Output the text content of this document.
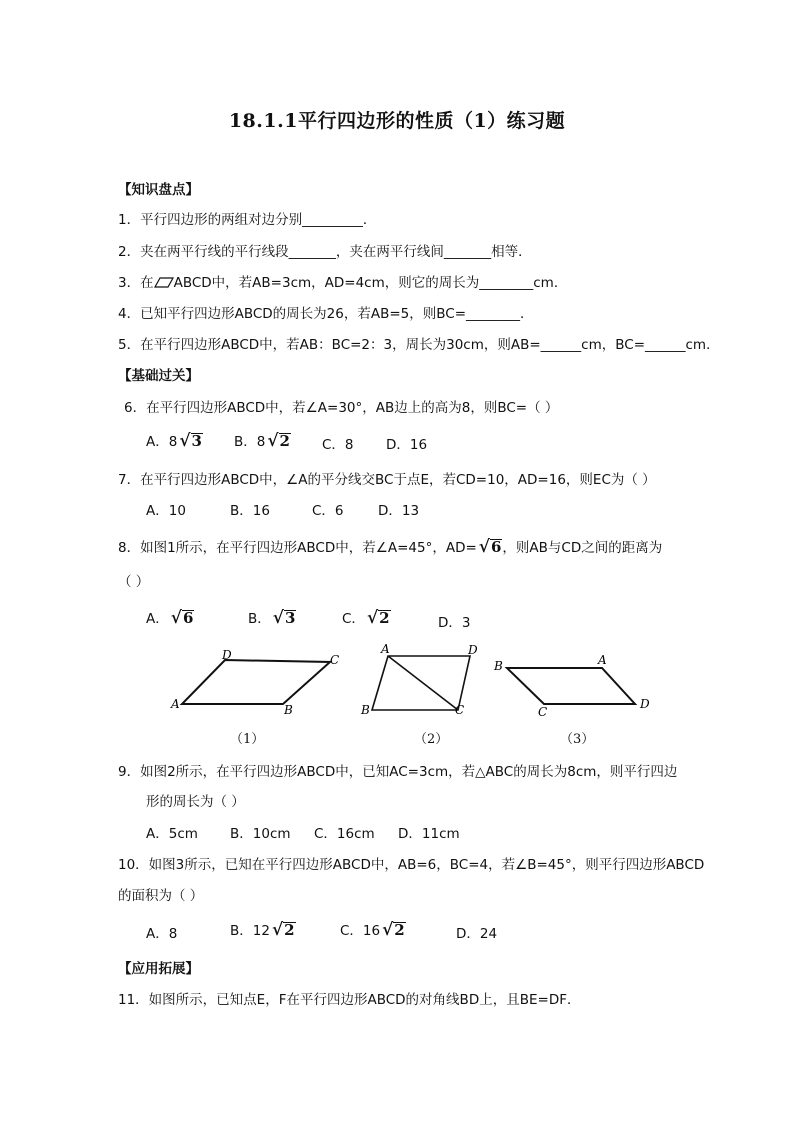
18.1.1平行四边形的性质（1）练习题
【知识盘点】
1．平行四边形的两组对边分别_________．
2．夹在两平行线的平行线段_______，夹在两平行线间_______相等．
3．在 ABCD中，若AB=3cm，AD=4cm，则它的周长为________cm．
4．已知平行四边形ABCD的周长为26，若AB=5，则BC=________．
5．在平行四边形ABCD中，若AB：BC=2：3，周长为30cm，则AB=______cm，BC=______cm．
【基础过关】
6．在平行四边形ABCD中，若∠A=30°，AB边上的高为8，则BC=（ ）
A．8 √ 3 B．8 √ 2 C．8 D．16
7．在平行四边形ABCD中，∠A的平分线交BC于点E，若CD=10，AD=16，则EC为（ ）
A．10	B．16	C．6	D．13
8．如图1所示，在平行四边形ABCD中，若∠A=45°，AD= √ 6 ，则AB与CD之间的距离为
（ ）
A． √ 6	B． √ 3	C． √ 2	D．3
D	C
A	B
（1）
A	D
B	C
（2）
B	A
D
C
（3）
9．如图2所示，在平行四边形ABCD中，已知AC=3cm，若△ABC的周长为8cm，则平行四边
形的周长为（ ）
A．5cm B．10cm C．16cm D．11cm
10．如图3所示，已知在平行四边形ABCD中，AB=6，BC=4，若∠B=45°，则平行四边形ABCD
的面积为（ ）
A．8	B．12 √ 2	C．16 √ 2	D．24
【应用拓展】
11．如图所示，已知点E，F在平行四边形ABCD的对角线BD上，且BE=DF．
